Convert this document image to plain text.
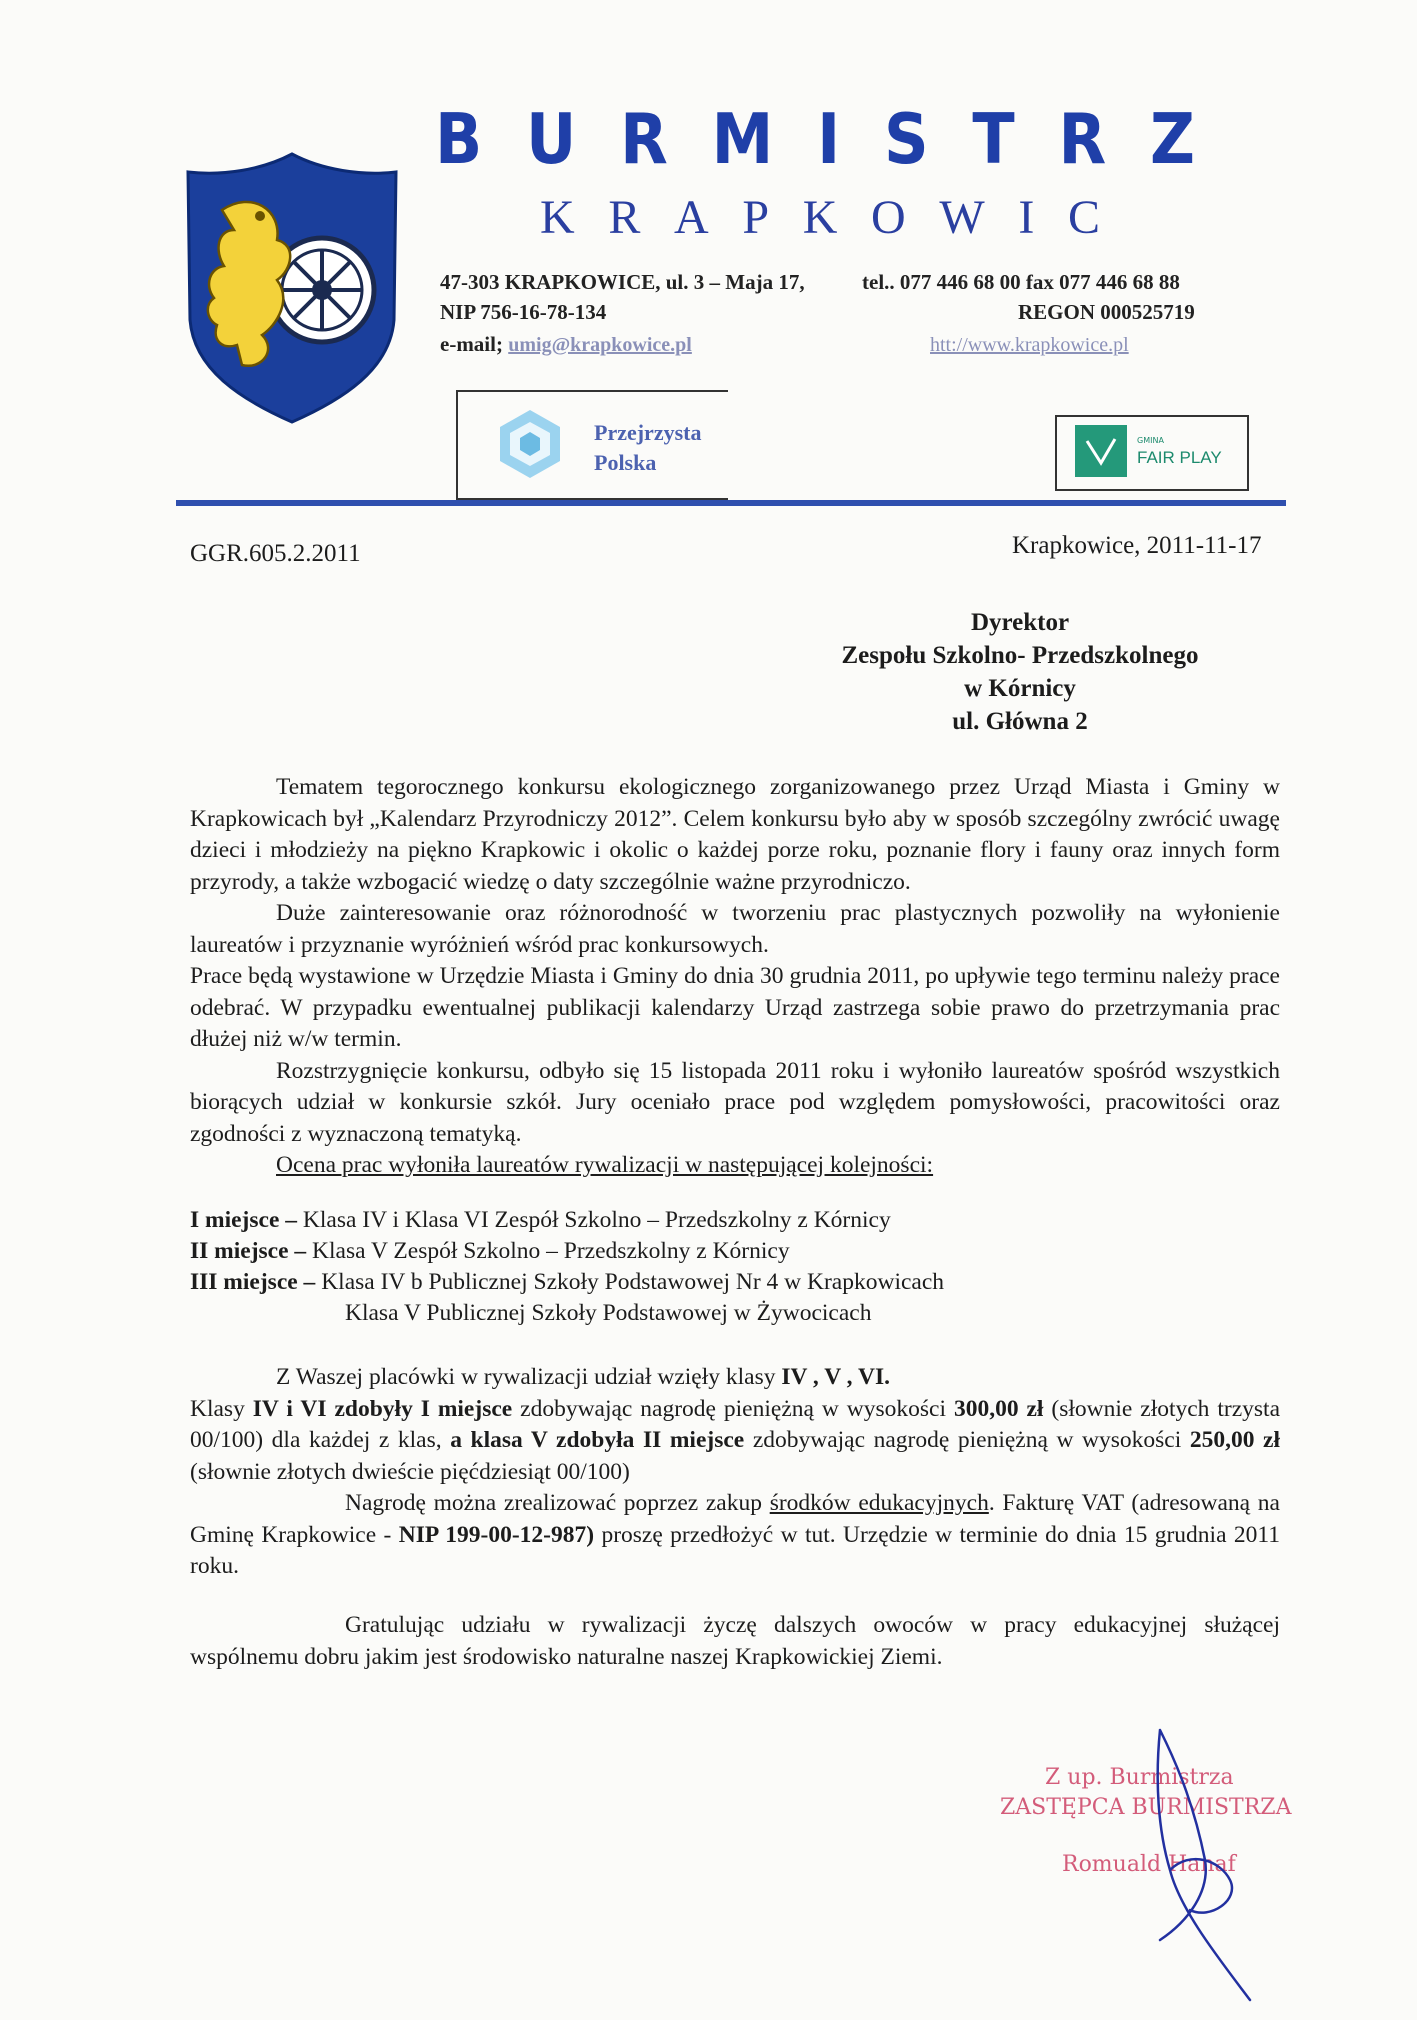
B U R M I S T R Z
K R A P K O W I C
47-303 KRAPKOWICE, ul. 3 – Maja 17,	tel.. 077 446 68 00 fax 077 446 68 88
NIP 756-16-78-134	REGON 000525719
e-mail; umig@krapkowice.pl	htt://www.krapkowice.pl
Przejrzysta
Polska
GMINA
FAIR PLAY
GGR.605.2.2011	Krapkowice, 2011-11-17
Dyrektor
Zespołu Szkolno- Przedszkolnego
w Kórnicy
ul. Główna 2

Tematem tegorocznego konkursu ekologicznego zorganizowanego przez Urząd Miasta i Gminy w Krapkowicach był „Kalendarz Przyrodniczy 2012”. Celem konkursu było aby w sposób szczególny zwrócić uwagę dzieci i młodzieży na piękno Krapkowic i okolic o każdej porze roku, poznanie flory i fauny oraz innych form przyrody, a także wzbogacić wiedzę o daty szczególnie ważne przyrodniczo.

Duże zainteresowanie oraz różnorodność w tworzeniu prac plastycznych pozwoliły na wyłonienie laureatów i przyznanie wyróżnień wśród prac konkursowych.

Prace będą wystawione w Urzędzie Miasta i Gminy do dnia 30 grudnia 2011, po upływie tego terminu należy prace odebrać. W przypadku ewentualnej publikacji kalendarzy Urząd zastrzega sobie prawo do przetrzymania prac dłużej niż w/w termin.

Rozstrzygnięcie konkursu, odbyło się 15 listopada 2011 roku i wyłoniło laureatów spośród wszystkich biorących udział w konkursie szkół. Jury oceniało prace pod względem pomysłowości, pracowitości oraz zgodności z wyznaczoną tematyką.

Ocena prac wyłoniła laureatów rywalizacji w następującej kolejności:

I miejsce – Klasa IV i Klasa VI Zespół Szkolno – Przedszkolny z Kórnicy
II miejsce – Klasa V Zespół Szkolno – Przedszkolny z Kórnicy
III miejsce – Klasa IV b Publicznej Szkoły Podstawowej Nr 4 w Krapkowicach
Klasa V Publicznej Szkoły Podstawowej w Żywocicach

Z Waszej placówki w rywalizacji udział wzięły klasy IV , V , VI.

Klasy IV i VI zdobyły I miejsce zdobywając nagrodę pieniężną w wysokości 300,00 zł (słownie złotych trzysta 00/100) dla każdej z klas, a klasa V zdobyła II miejsce zdobywając nagrodę pieniężną w wysokości 250,00 zł (słownie złotych dwieście pięćdziesiąt 00/100)

Nagrodę można zrealizować poprzez zakup środków edukacyjnych. Fakturę VAT (adresowaną na Gminę Krapkowice - NIP 199-00-12-987) proszę przedłożyć w tut. Urzędzie w terminie do dnia 15 grudnia 2011 roku.

Gratulując udziału w rywalizacji życzę dalszych owoców w pracy edukacyjnej służącej wspólnemu dobru jakim jest środowisko naturalne naszej Krapkowickiej Ziemi.

Z up. Burmistrza
ZASTĘPCA BURMISTRZA
Romuald Hanaf
